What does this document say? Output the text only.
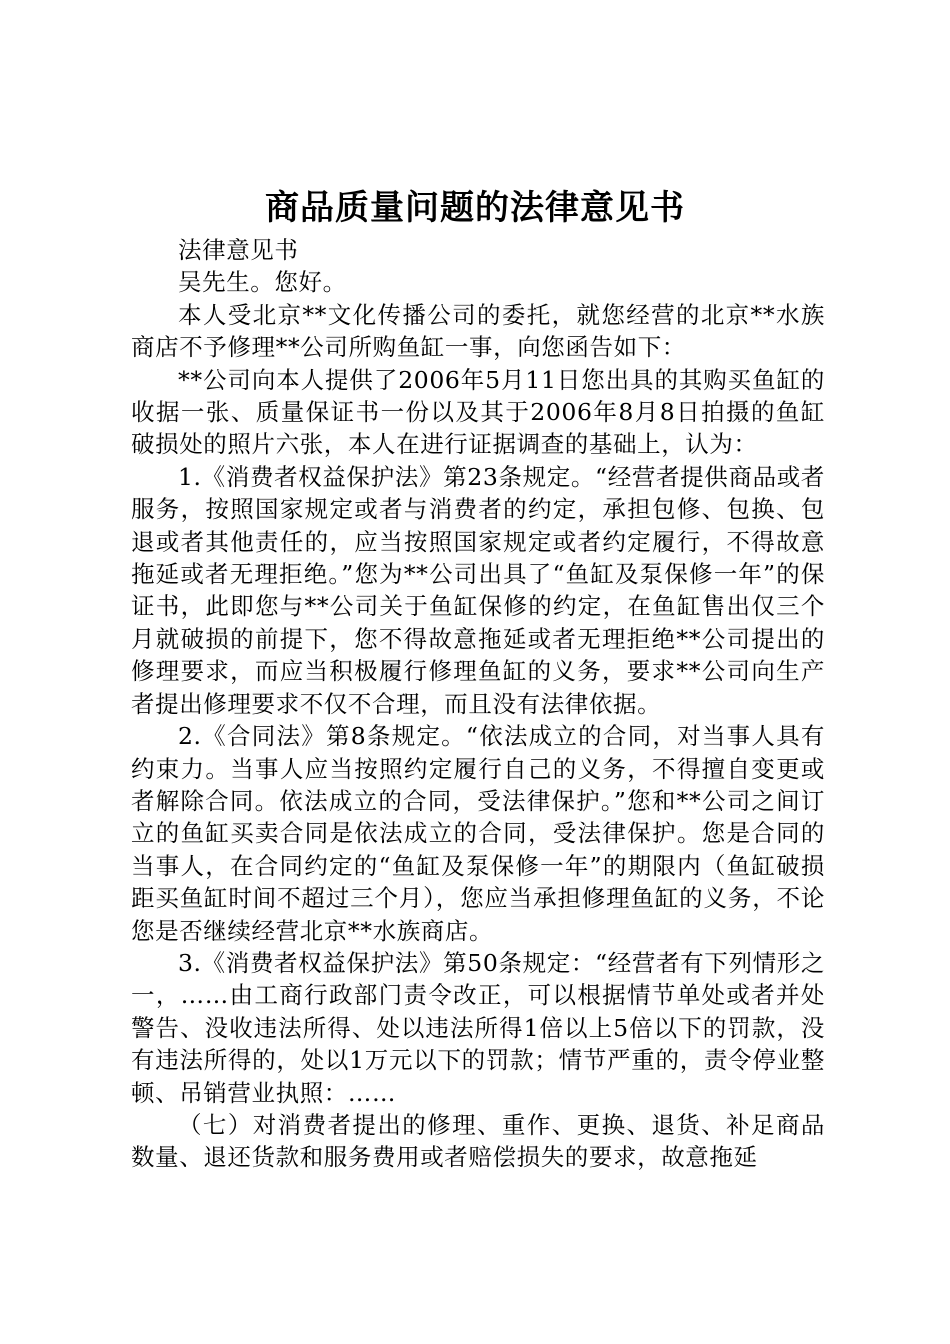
商品质量问题的法律意见书

法律意见书

吴先生。您好。

本人受北京**文化传播公司的委托，就您经营的北京**水族商店不予修理**公司所购鱼缸一事，向您函告如下：

**公司向本人提供了2006年5月11日您出具的其购买鱼缸的收据一张、质量保证书一份以及其于2006年8月8日拍摄的鱼缸破损处的照片六张，本人在进行证据调查的基础上，认为：

1.《消费者权益保护法》第23条规定。“经营者提供商品或者服务，按照国家规定或者与消费者的约定，承担包修、包换、包退或者其他责任的，应当按照国家规定或者约定履行，不得故意拖延或者无理拒绝。”您为**公司出具了“鱼缸及泵保修一年”的保证书，此即您与**公司关于鱼缸保修的约定，在鱼缸售出仅三个月就破损的前提下，您不得故意拖延或者无理拒绝**公司提出的修理要求，而应当积极履行修理鱼缸的义务，要求**公司向生产者提出修理要求不仅不合理，而且没有法律依据。

2.《合同法》第8条规定。“依法成立的合同，对当事人具有约束力。当事人应当按照约定履行自己的义务，不得擅自变更或者解除合同。依法成立的合同，受法律保护。”您和**公司之间订立的鱼缸买卖合同是依法成立的合同，受法律保护。您是合同的当事人，在合同约定的“鱼缸及泵保修一年”的期限内（鱼缸破损距买鱼缸时间不超过三个月），您应当承担修理鱼缸的义务，不论您是否继续经营北京**水族商店。

3.《消费者权益保护法》第50条规定：“经营者有下列情形之一，……由工商行政部门责令改正，可以根据情节单处或者并处警告、没收违法所得、处以违法所得1倍以上5倍以下的罚款，没有违法所得的，处以1万元以下的罚款；情节严重的，责令停业整顿、吊销营业执照：……

（七）对消费者提出的修理、重作、更换、退货、补足商品数量、退还货款和服务费用或者赔偿损失的要求，故意拖延
